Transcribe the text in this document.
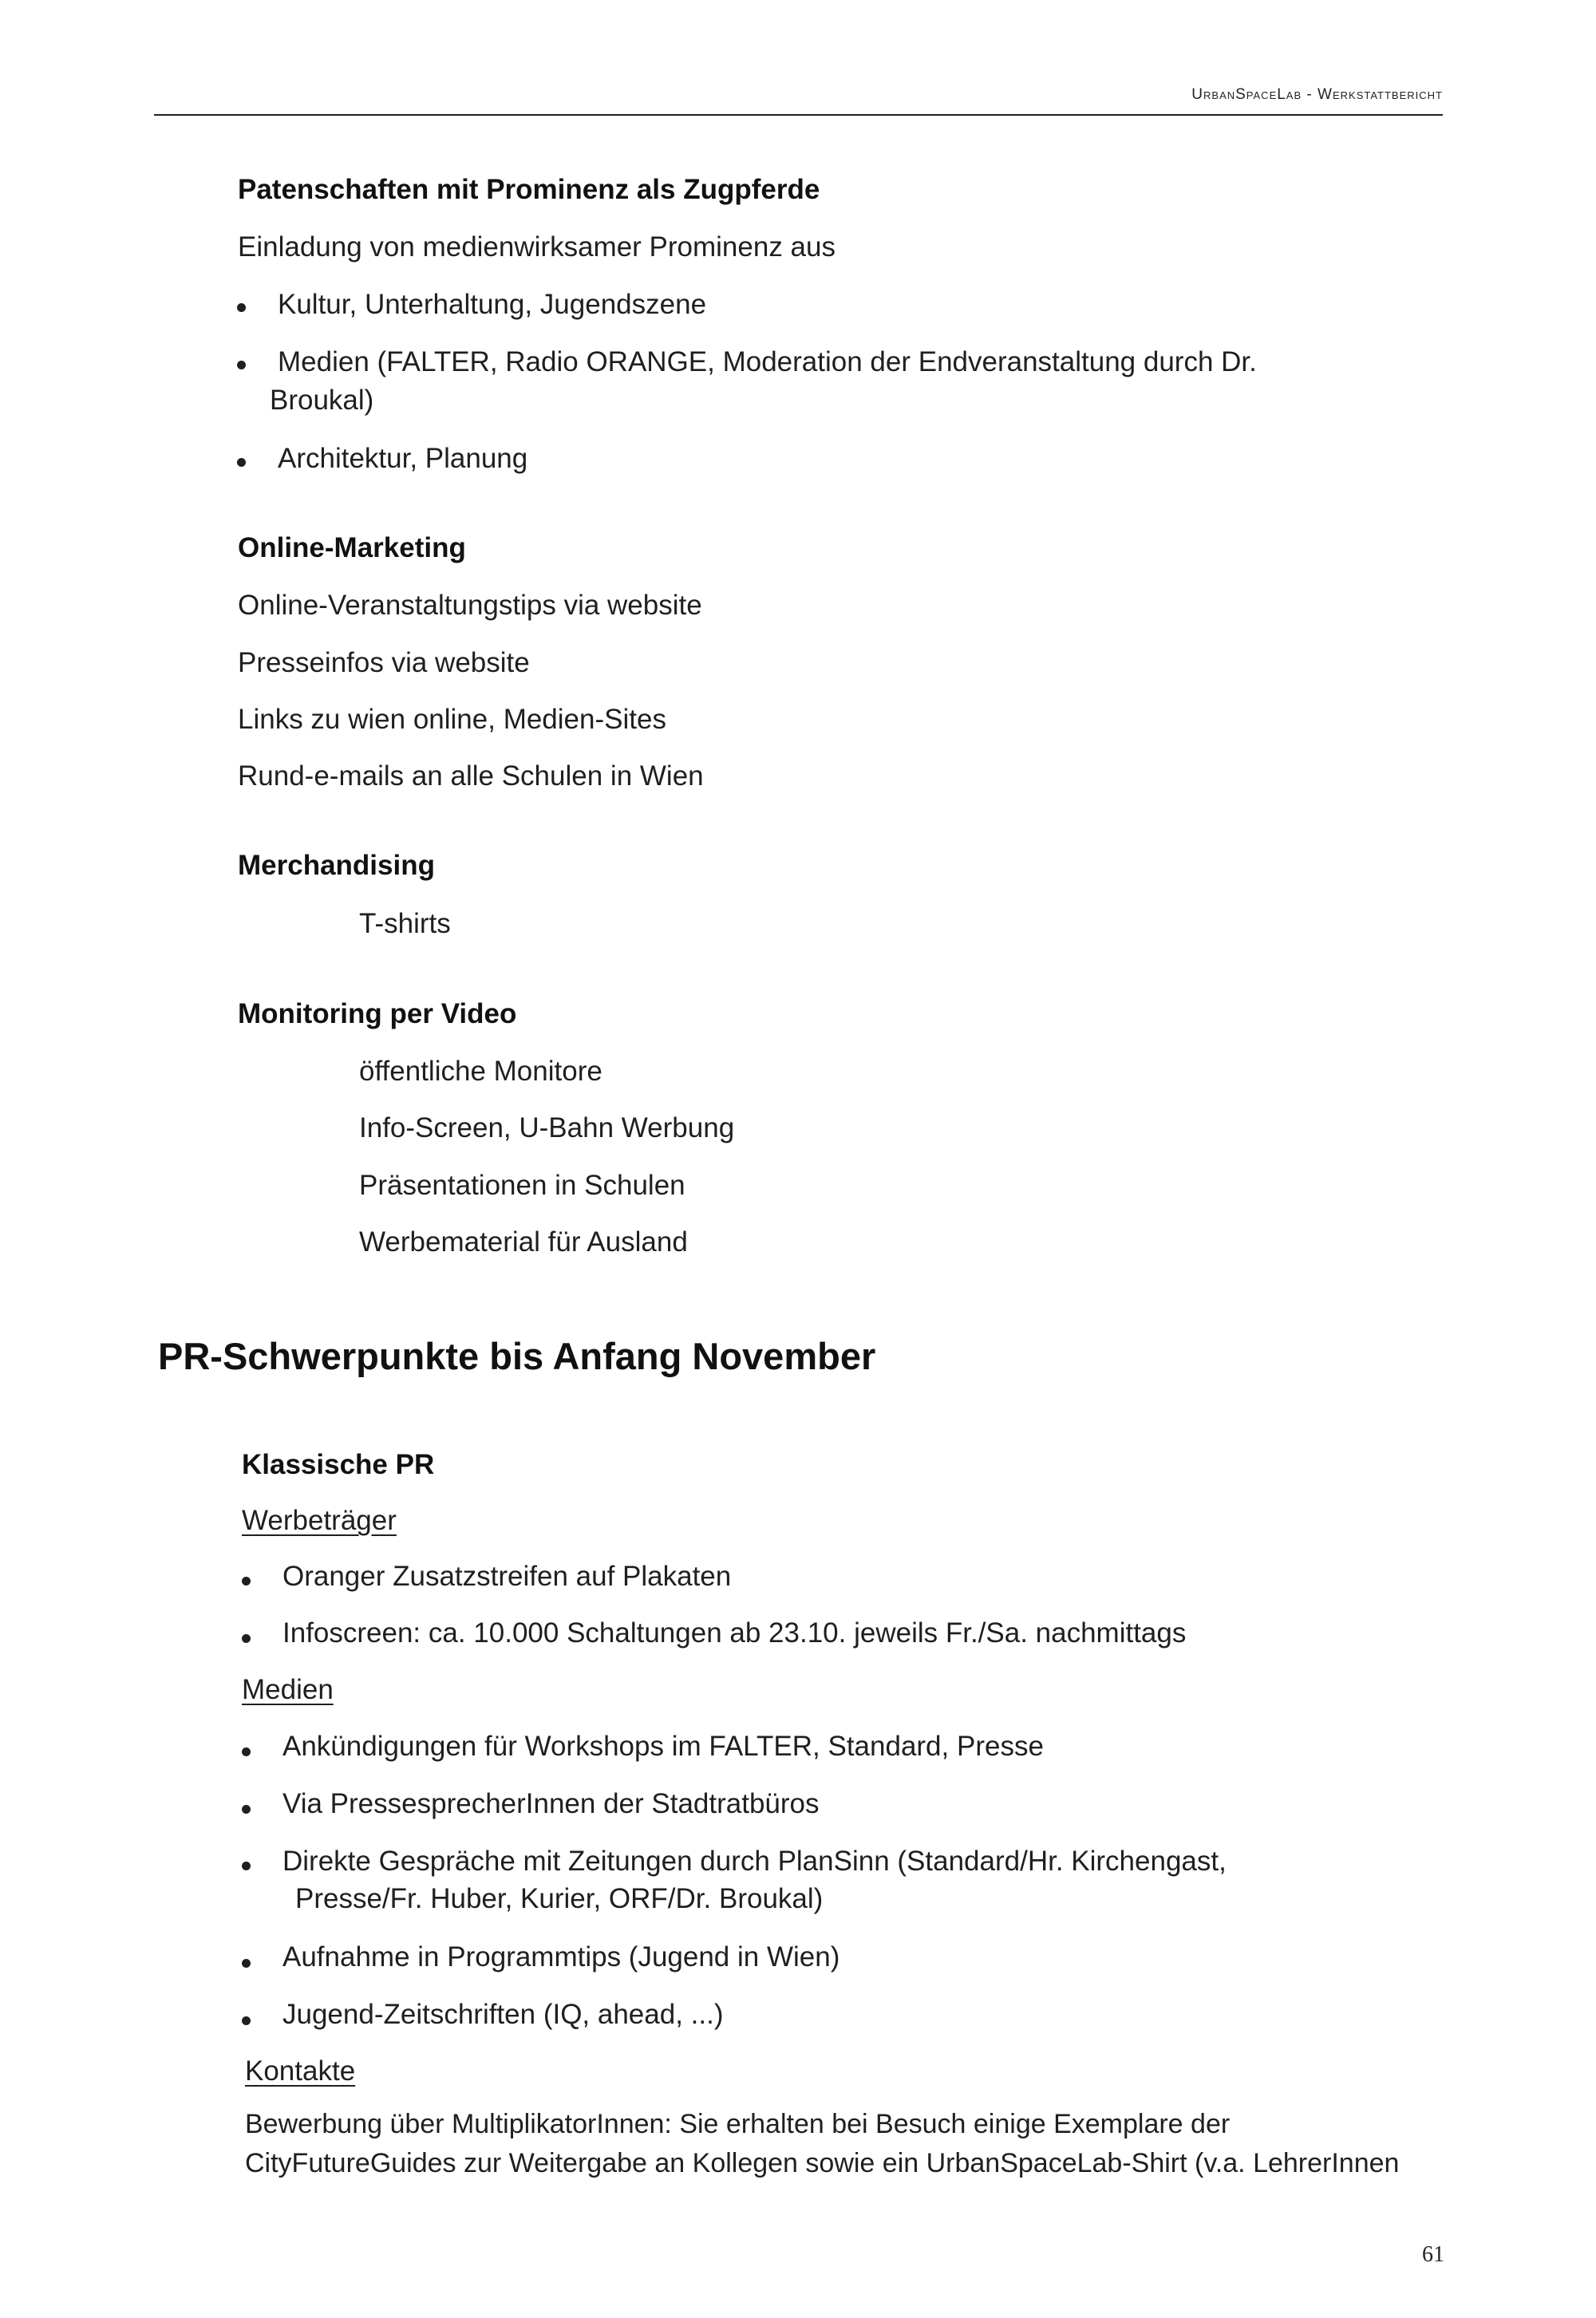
UrbanSpaceLab - Werkstattbericht
Patenschaften mit Prominenz als Zugpferde
Einladung von medienwirksamer Prominenz aus
Kultur, Unterhaltung, Jugendszene
Medien (FALTER, Radio ORANGE, Moderation der Endveranstaltung durch Dr.
Broukal)
Architektur, Planung
Online-Marketing
Online-Veranstaltungstips via website
Presseinfos via website
Links zu wien online, Medien-Sites
Rund-e-mails an alle Schulen in Wien
Merchandising
T-shirts
Monitoring per Video
öffentliche Monitore
Info-Screen, U-Bahn Werbung
Präsentationen in Schulen
Werbematerial für Ausland
PR-Schwerpunkte bis Anfang November
Klassische PR
Werbeträger
Oranger Zusatzstreifen auf Plakaten
Infoscreen: ca. 10.000 Schaltungen ab 23.10. jeweils Fr./Sa. nachmittags
Medien
Ankündigungen für Workshops im FALTER, Standard, Presse
Via PressesprecherInnen der Stadtratbüros
Direkte Gespräche mit Zeitungen durch PlanSinn (Standard/Hr. Kirchengast,
Presse/Fr. Huber, Kurier, ORF/Dr. Broukal)
Aufnahme in Programmtips (Jugend in Wien)
Jugend-Zeitschriften (IQ, ahead, ...)
Kontakte
Bewerbung über MultiplikatorInnen: Sie erhalten bei Besuch einige Exemplare der
CityFutureGuides zur Weitergabe an Kollegen sowie ein UrbanSpaceLab-Shirt (v.a. LehrerInnen
61
